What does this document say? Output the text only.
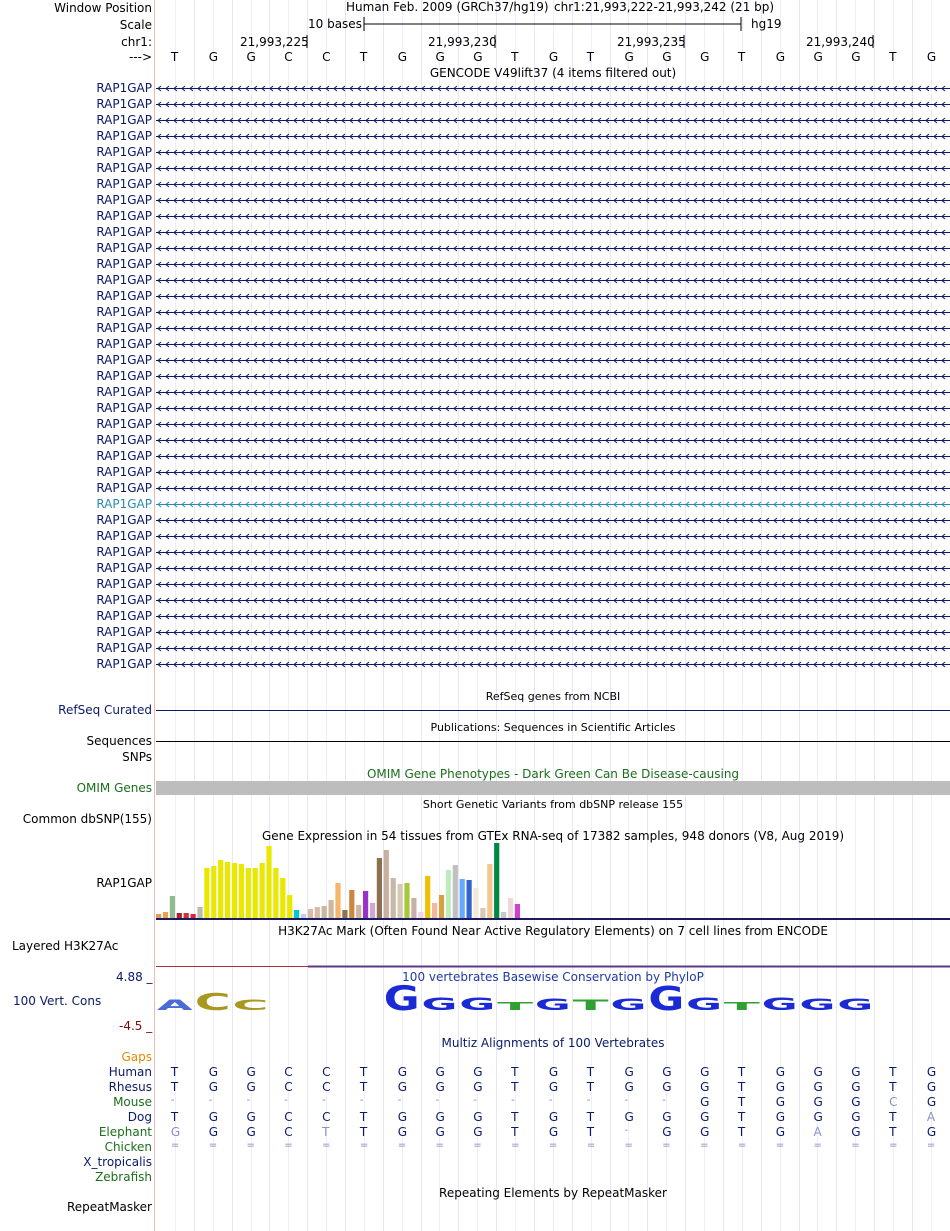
Window Position
Scale
chr1:
--->
Human Feb. 2009 (GRCh37/hg19) chr1:21,993,222-21,993,242 (21 bp)
10 bases	hg19
21,993,225	21,993,230	21,993,235	21,993,240
T	G G C C T	G G G T	G T	G G G T	G G G T	G
GENCODE V49lift37 (4 items filtered out)
RAP1GAP
RAP1GAP
RAP1GAP
RAP1GAP
RAP1GAP
RAP1GAP
RAP1GAP
RAP1GAP
RAP1GAP
RAP1GAP
RAP1GAP
RAP1GAP
RAP1GAP
RAP1GAP
RAP1GAP
RAP1GAP
RAP1GAP
RAP1GAP
RAP1GAP
RAP1GAP
RAP1GAP
RAP1GAP
RAP1GAP
RAP1GAP
RAP1GAP
RAP1GAP
RAP1GAP
RAP1GAP
RAP1GAP
RAP1GAP
RAP1GAP
RAP1GAP
RAP1GAP
RAP1GAP
RAP1GAP
RAP1GAP
RAP1GAP
RefSeq genes from NCBI
RefSeq Curated
Publications: Sequences in Scientific Articles
Sequences
SNPs
OMIM Gene Phenotypes - Dark Green Can Be Disease-causing
OMIM Genes
Short Genetic Variants from dbSNP release 155
Common dbSNP(155)
Gene Expression in 54 tissues from GTEx RNA-seq of 17382 samples, 948 donors (V8, Aug 2019)
RAP1GAP
H3K27Ac Mark (Often Found Near Active Regulatory Elements) on 7 cell lines from ENCODE
Layered H3K27Ac
100 vertebrates Basewise Conservation by PhyloP
4.88 _
100 Vert. Cons
-4.5 _
A C C	G G G T
G T G G G T
G G G
Multiz Alignments of 100 Vertebrates
Gaps
Human T	G G C C T	G G G T	G T	G G G T	G G G T	G
Rhesus T	G G C C T	G G G T	G T	G G G T	G G G T	G
Mouse -	-	-	-	-	-	-	-	-	-	-	-	-	-	G T	G G G C G
Dog T	G G C C T	G G G T	G T	G G G T	G G G T	A
Elephant G G G C T	T	G G G T	G T	-	G G T	G A G T	G
Chicken =	=	=	=	=	=	=	=	=	=	=	=	=	=	=	=	=	=	=	=	=
X_tropicalis
Zebrafish
Repeating Elements by RepeatMasker
RepeatMasker
